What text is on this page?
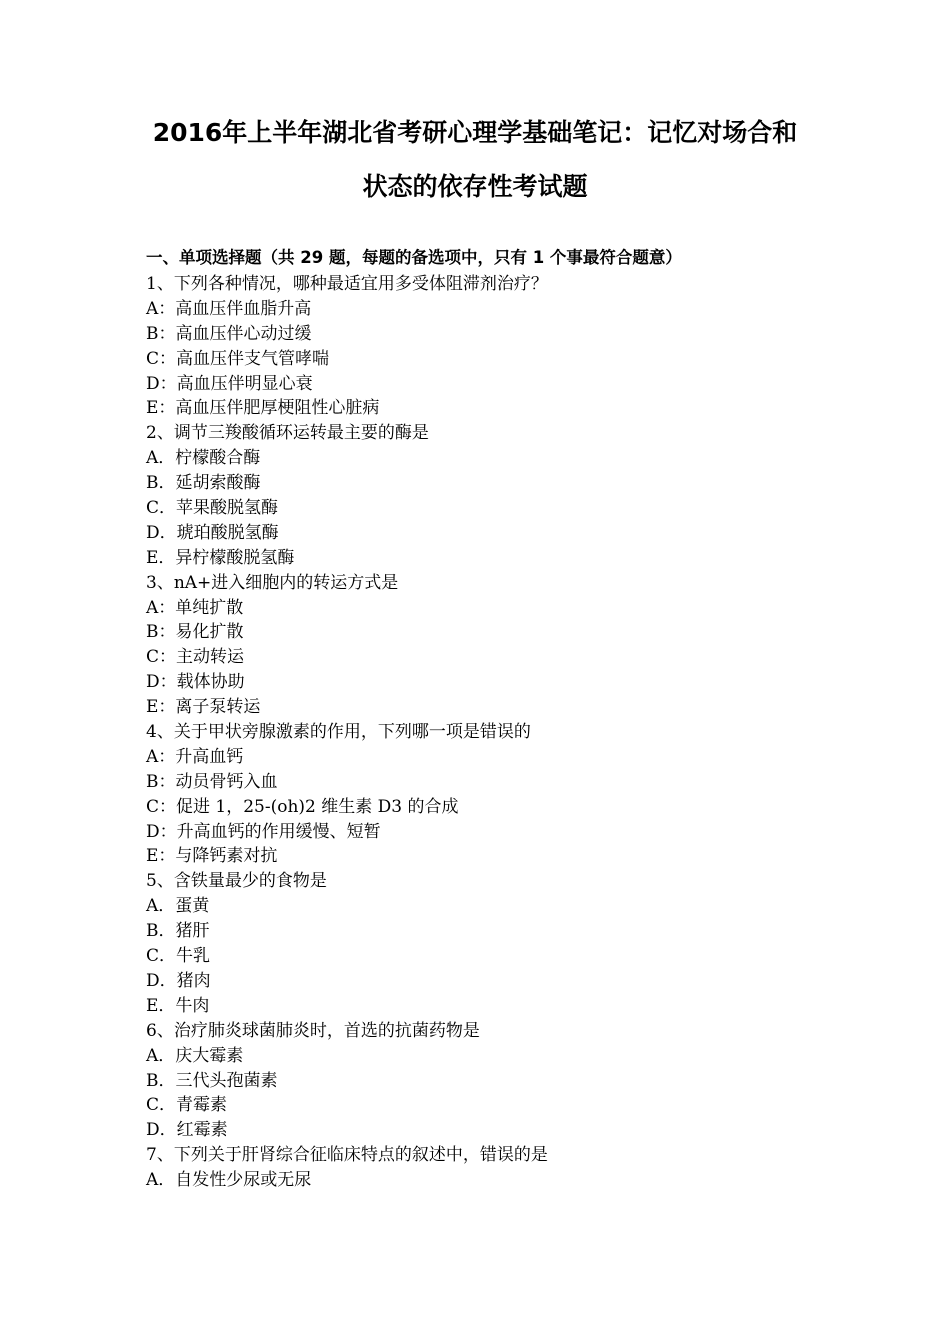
2016年上半年湖北省考研心理学基础笔记：记忆对场合和
状态的依存性考试题
一、单项选择题（共 29 题，每题的备选项中，只有 1 个事最符合题意）
1、下列各种情况，哪种最适宜用多受体阻滞剂治疗？
A：高血压伴血脂升高
B：高血压伴心动过缓
C：高血压伴支气管哮喘
D：高血压伴明显心衰
E：高血压伴肥厚梗阻性心脏病
2、调节三羧酸循环运转最主要的酶是
A．柠檬酸合酶
B．延胡索酸酶
C．苹果酸脱氢酶
D．琥珀酸脱氢酶
E．异柠檬酸脱氢酶
3、nA+进入细胞内的转运方式是
A：单纯扩散
B：易化扩散
C：主动转运
D：载体协助
E：离子泵转运
4、关于甲状旁腺激素的作用，下列哪一项是错误的
A：升高血钙
B：动员骨钙入血
C：促进 1，25-(oh)2 维生素 D3 的合成
D：升高血钙的作用缓慢、短暂
E：与降钙素对抗
5、含铁量最少的食物是
A．蛋黄
B．猪肝
C．牛乳
D．猪肉
E．牛肉
6、治疗肺炎球菌肺炎时，首选的抗菌药物是
A．庆大霉素
B．三代头孢菌素
C．青霉素
D．红霉素
7、下列关于肝肾综合征临床特点的叙述中，错误的是
A．自发性少尿或无尿
